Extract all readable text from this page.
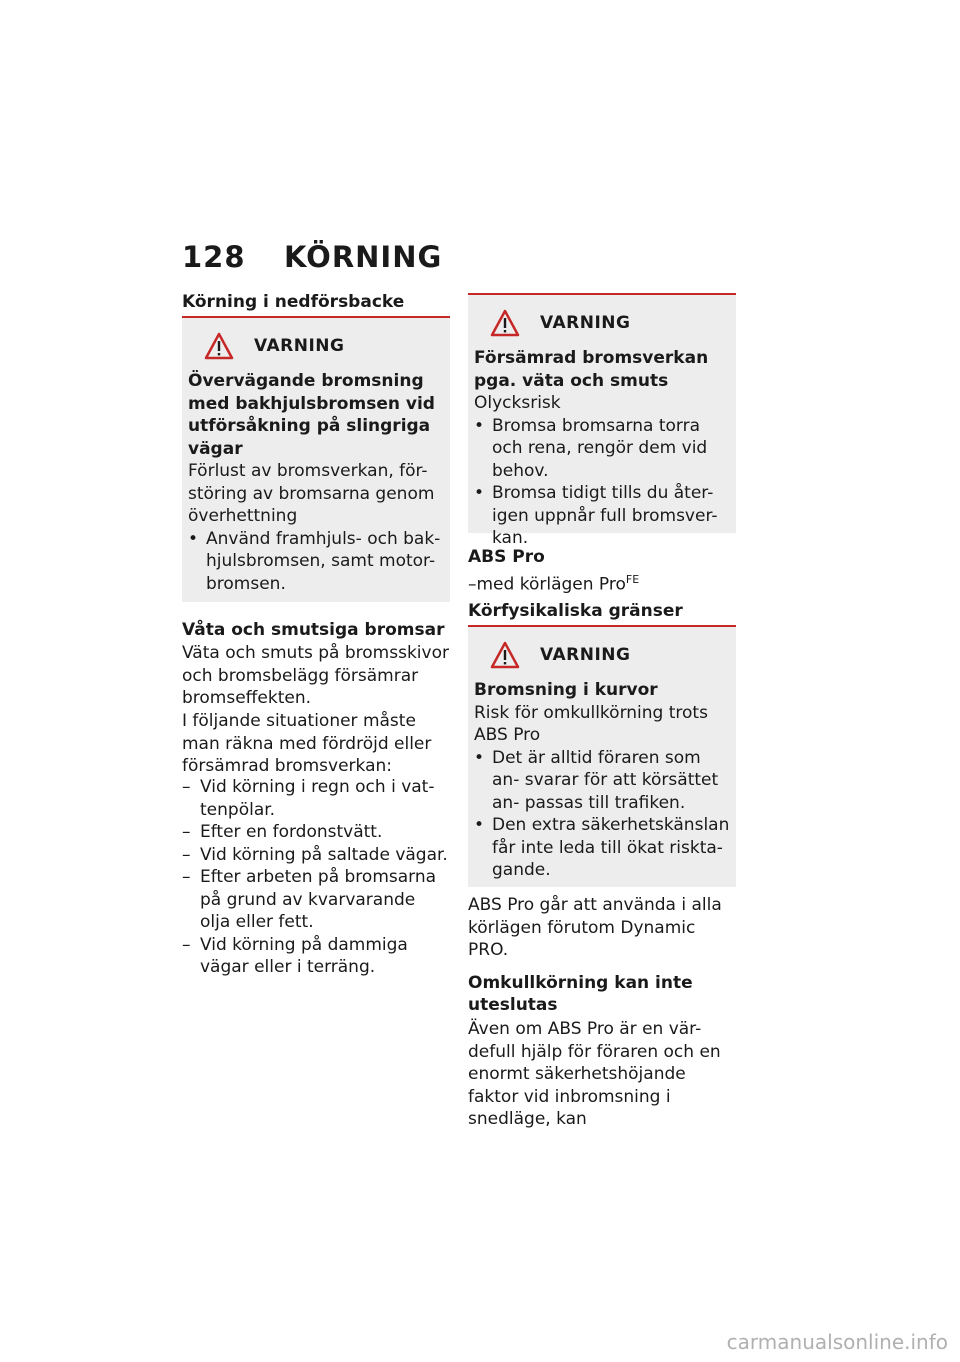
128 KÖRNING
Körning i nedförsbacke
VARNING
Övervägande bromsning med bakhjulsbromsen vid utförsåkning på slingriga vägar
Förlust av bromsverkan, för- störing av bromsarna genom överhettning
• Använd framhjuls- och bak- hjulsbromsen, samt motor- bromsen.
Våta och smutsiga bromsar
Väta och smuts på bromsskivor och bromsbelägg försämrar bromseffekten.
I följande situationer måste man räkna med fördröjd eller försämrad bromsverkan:
– Vid körning i regn och i vat- tenpölar.
– Efter en fordonstvätt.
– Vid körning på saltade vägar.
– Efter arbeten på bromsarna på grund av kvarvarande olja eller fett.
– Vid körning på dammiga vägar eller i terräng.
VARNING
Försämrad bromsverkan pga. väta och smuts
Olycksrisk
• Bromsa bromsarna torra och rena, rengör dem vid behov.
• Bromsa tidigt tills du åter- igen uppnår full bromsver- kan.
ABS Pro
–med körlägen Pro$^{FE}$
Körfysikaliska gränser
VARNING
Bromsning i kurvor
Risk för omkullkörning trots ABS Pro
• Det är alltid föraren som an- svarar för att körsättet an- passas till trafiken.
• Den extra säkerhetskänslan får inte leda till ökat risktа- gande.
ABS Pro går att använda i alla körlägen förutom Dynamic PRO.
Omkullkörning kan inte uteslutas
Även om ABS Pro är en vär- defull hjälp för föraren och en enormt säkerhetshöjande faktor vid inbromsning i snedläge, kan
carmanualsonline.info
